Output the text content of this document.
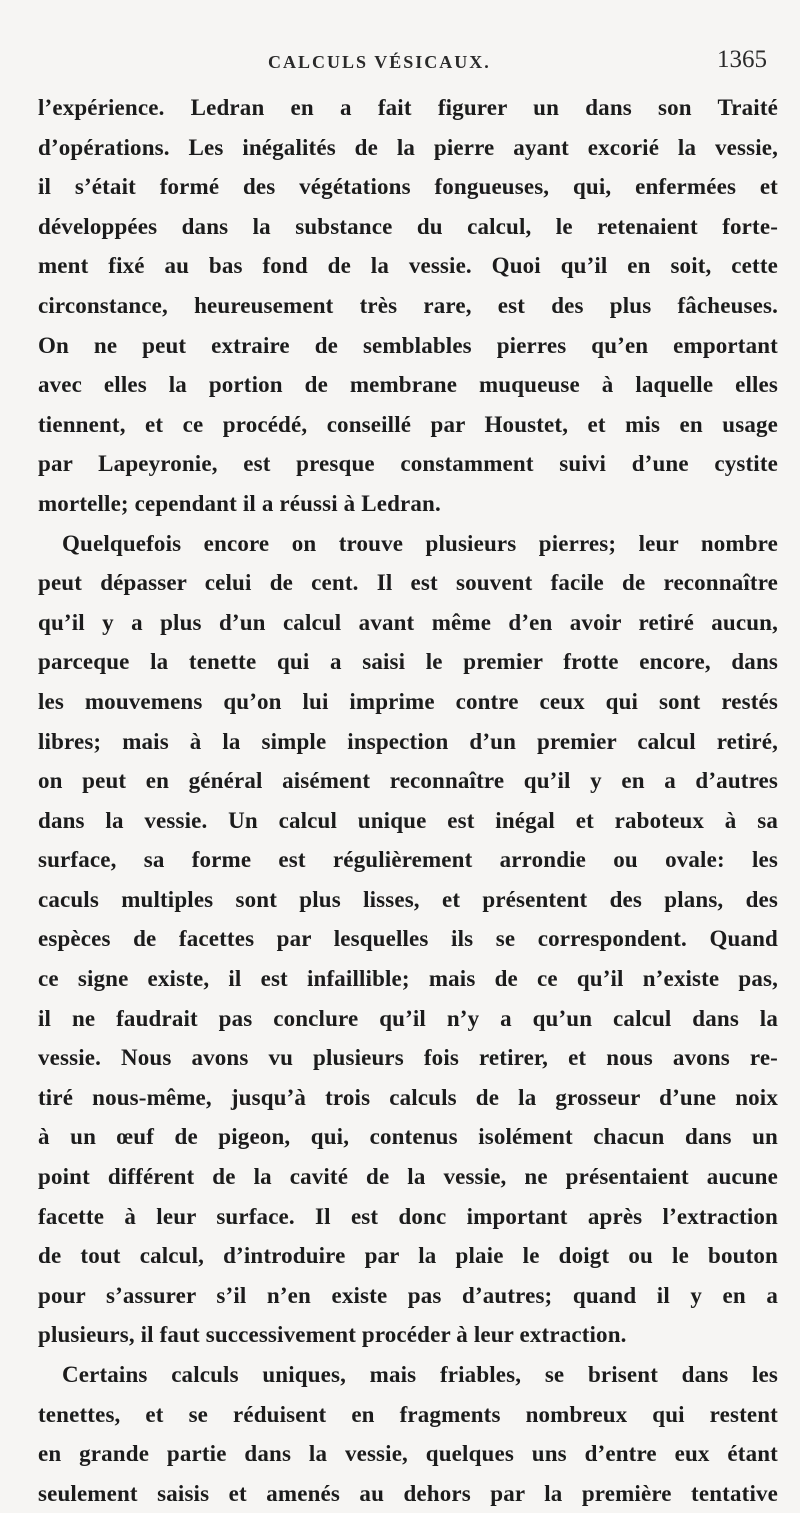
CALCULS VÉSICAUX.	1365
l’expérience. Ledran en a fait figurer un dans son Traité
d’opérations. Les inégalités de la pierre ayant excorié la vessie,
il s’était formé des végétations fongueuses, qui, enfermées et
développées dans la substance du calcul, le retenaient forte-
ment fixé au bas fond de la vessie. Quoi qu’il en soit, cette
circonstance, heureusement très rare, est des plus fâcheuses.
On ne peut extraire de semblables pierres qu’en emportant
avec elles la portion de membrane muqueuse à laquelle elles
tiennent, et ce procédé, conseillé par Houstet, et mis en usage
par Lapeyronie, est presque constamment suivi d’une cystite
mortelle; cependant il a réussi à Ledran.
Quelquefois encore on trouve plusieurs pierres; leur nombre
peut dépasser celui de cent. Il est souvent facile de reconnaître
qu’il y a plus d’un calcul avant même d’en avoir retiré aucun,
parceque la tenette qui a saisi le premier frotte encore, dans
les mouvemens qu’on lui imprime contre ceux qui sont restés
libres; mais à la simple inspection d’un premier calcul retiré,
on peut en général aisément reconnaître qu’il y en a d’autres
dans la vessie. Un calcul unique est inégal et raboteux à sa
surface, sa forme est régulièrement arrondie ou ovale: les
caculs multiples sont plus lisses, et présentent des plans, des
espèces de facettes par lesquelles ils se correspondent. Quand
ce signe existe, il est infaillible; mais de ce qu’il n’existe pas,
il ne faudrait pas conclure qu’il n’y a qu’un calcul dans la
vessie. Nous avons vu plusieurs fois retirer, et nous avons re-
tiré nous-même, jusqu’à trois calculs de la grosseur d’une noix
à un œuf de pigeon, qui, contenus isolément chacun dans un
point différent de la cavité de la vessie, ne présentaient aucune
facette à leur surface. Il est donc important après l’extraction
de tout calcul, d’introduire par la plaie le doigt ou le bouton
pour s’assurer s’il n’en existe pas d’autres; quand il y en a
plusieurs, il faut successivement procéder à leur extraction.
Certains calculs uniques, mais friables, se brisent dans les
tenettes, et se réduisent en fragments nombreux qui restent
en grande partie dans la vessie, quelques uns d’entre eux étant
seulement saisis et amenés au dehors par la première tentative
